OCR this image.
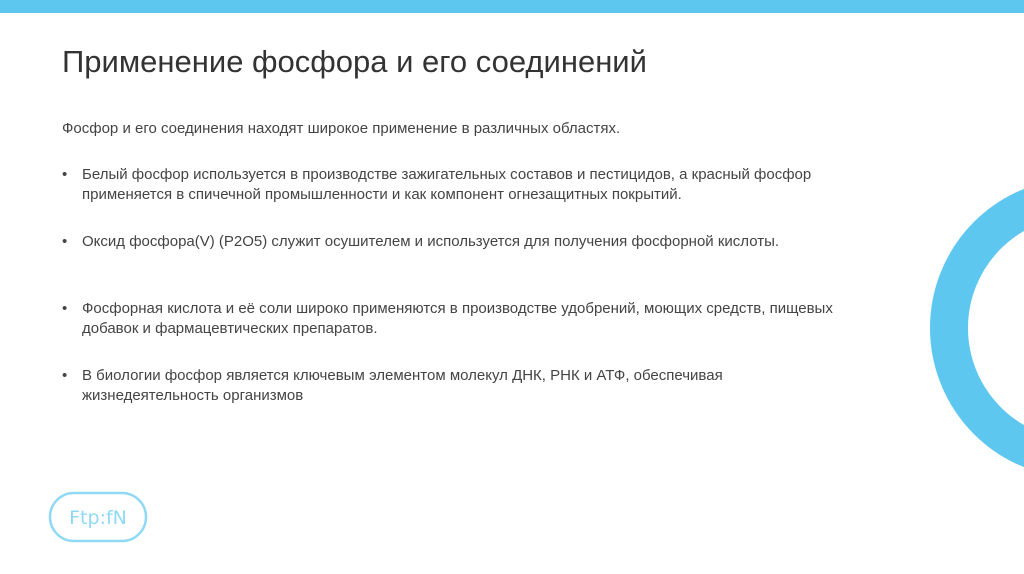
Применение фосфора и его соединений

Фосфор и его соединения находят широкое применение в различных областях.

• Белый фосфор используется в производстве зажигательных составов и пестицидов, а красный фосфор применяется в спичечной промышленности и как компонент огнезащитных покрытий.
• Оксид фосфора(V) (P2O5) служит осушителем и используется для получения фосфорной кислоты.
• Фосфорная кислота и её соли широко применяются в производстве удобрений, моющих средств, пищевых добавок и фармацевтических препаратов.
• В биологии фосфор является ключевым элементом молекул ДНК, РНК и АТФ, обеспечивая жизнедеятельность организмов
Ftp:fN
